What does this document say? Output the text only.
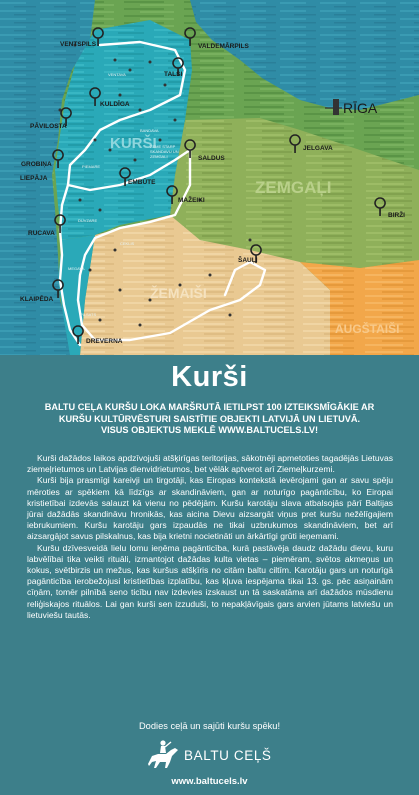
VENTSPILS	VALDEMĀRPILS
TALSI
KULDĪGA
PĀVILOSTA
GROBIŅA
LIEPĀJA
SALDUS
JELGAVA
EMBŪTE
MAŽEIKI
BIRŽI
RUCAVA
ŠAUĻI
KLAIPĒDA
DREVERNA
RĪGA
KURŠI
ZEMGAĻI
ŽEMAIŠI
AUGŠTAIŠI
VENTAVA
BANDAVA
ZEME STARP
SKANDAVU UN
ZEMGALI
PIEMARE
DUVZARE
CEKLIS
MEGAVA
PILSATS
Kurši
BALTU CEĻA KURŠU LOKA MARŠRUTĀ IETILPST 100 IZTEIKSMĪGĀKIE AR
KURŠU KULTŪRVĒSTURI SAISTĪTIE OBJEKTI LATVIJĀ UN LIETUVĀ.
VISUS OBJEKTUS MEKLĒ WWW.BALTUCELS.LV!

Kurši dažādos laikos apdzīvojuši atšķirīgas teritorijas, sākotnēji apmetoties tagadējās Lietuvas ziemeļrietumos un Latvijas dienvidrietumos, bet vēlāk aptverot arī Ziemeļkurzemi.

Kurši bija prasmīgi kareivji un tirgotāji, kas Eiropas kontekstā ievērojami gan ar savu spēju mēroties ar spēkiem kā līdzīgs ar skandināviem, gan ar noturīgo pagānticību, ko Eiropai kristietībai izdevās salauzt kā vienu no pēdējām. Kuršu karotāju slava atbalsojās pārī Baltijas jūrai dažādās skandināvu hronikās, kas aicina Dievu aizsargāt viņus pret kuršu nežēlīgajiem iebrukumiem. Kuršu karotāju gars izpaudās ne tikai uzbrukumos skandināviem, bet arī aizsargājot savus pilskalnus, kas bija krietni nocietināti un ārkārtīgi grūti ieņemami.

Kuršu dzīvesveidā lielu lomu ieņēma pagānticība, kurā pastāvēja daudz dažādu dievu, kuru labvēlībai tika veikti rituāli, izmantojot dažādas kulta vietas – piemēram, svētos akmeņus un kokus, svētbirzis un mežus, kas kuršus atšķīris no citām baltu ciltīm. Karotāju gars un noturīgā pagānticība ierobežojusi kristietības izplatību, kas kļuva iespējama tikai 13. gs. pēc asiņainām cīņām, tomēr pilnībā seno ticību nav izdevies izskaust un tā saskatāma arī dažādos mūsdienu reliģiskajos rituālos. Lai gan kurši sen izzuduši, to nepakļāvīgais gars arvien jūtams latviešu un lietuviešu tautās.

Dodies ceļā un sajūti kuršu spēku!
BALTU CEĻŠ
www.baltucels.lv
